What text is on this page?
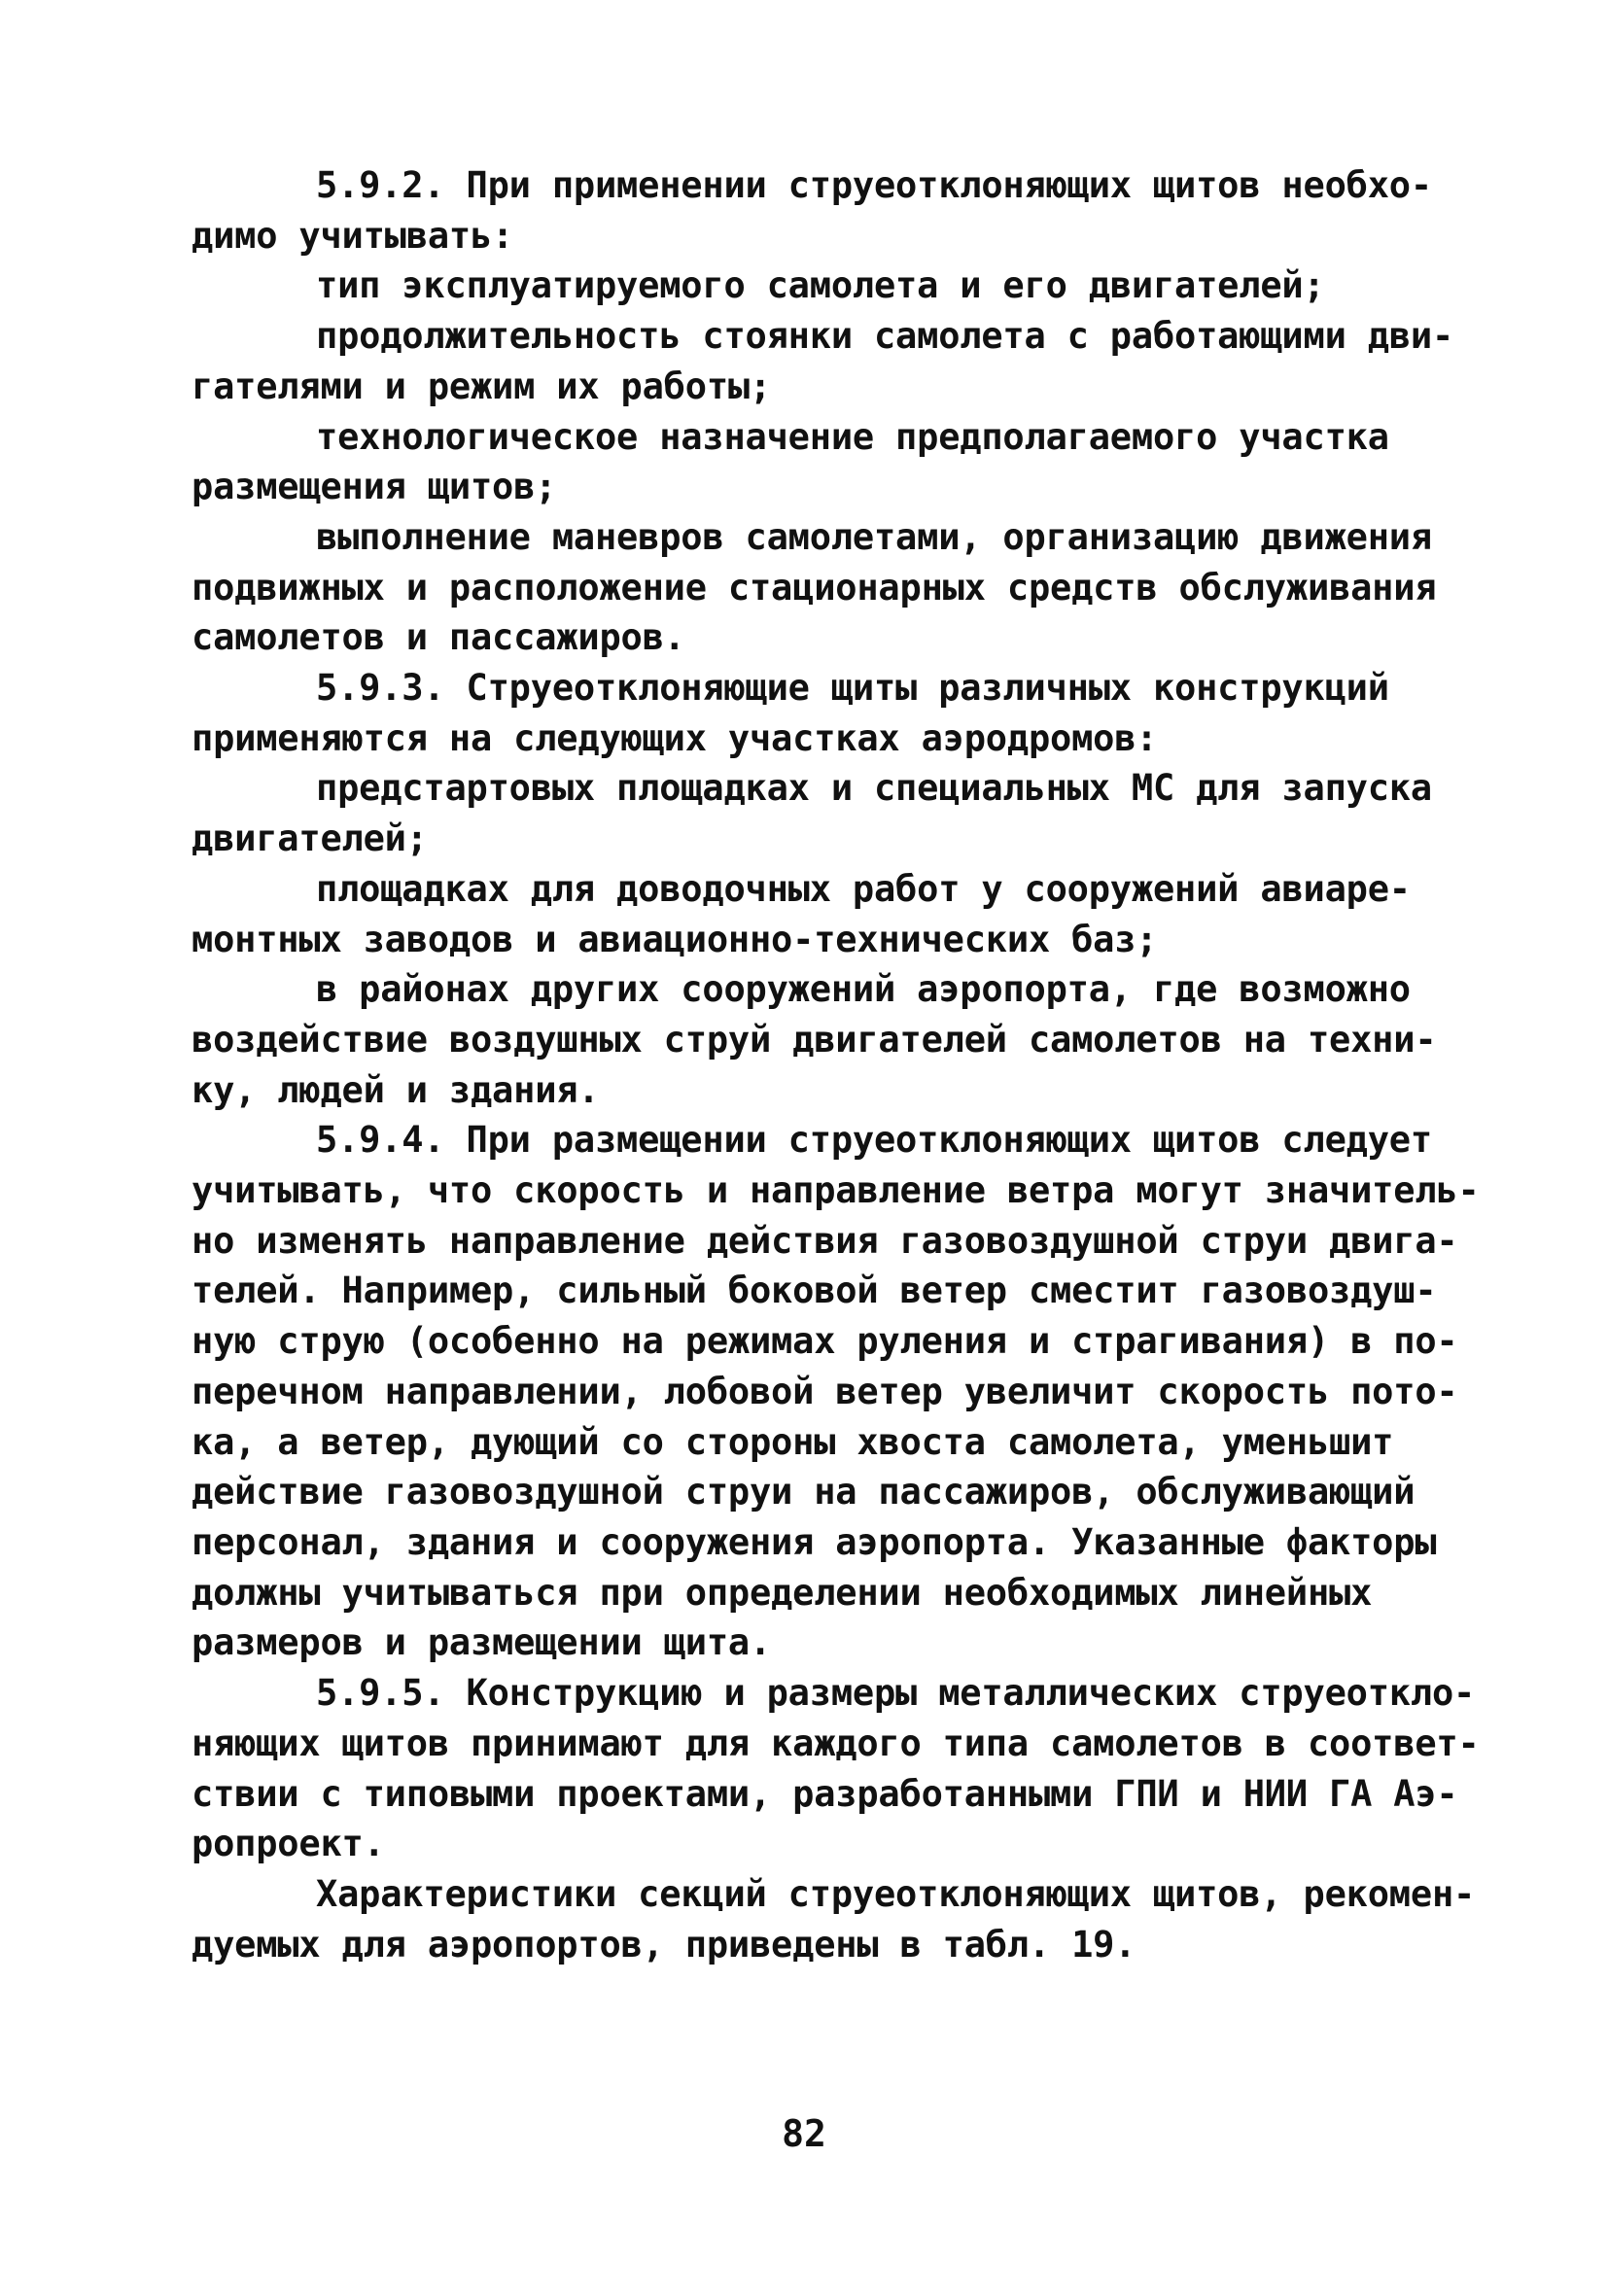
5.9.2. При применении струеотклоняющих щитов необхо-
димо учитывать:
тип эксплуатируемого самолета и его двигателей;
продолжительность стоянки самолета с работающими дви-
гателями и режим их работы;
технологическое назначение предполагаемого участка
размещения щитов;
выполнение маневров самолетами, организацию движения
подвижных и расположение стационарных средств обслуживания
самолетов и пассажиров.
5.9.3. Струеотклоняющие щиты различных конструкций
применяются на следующих участках аэродромов:
предстартовых площадках и специальных МС для запуска
двигателей;
площадках для доводочных работ у сооружений авиаре-
монтных заводов и авиационно-технических баз;
в районах других сооружений аэропорта, где возможно
воздействие воздушных струй двигателей самолетов на техни-
ку, людей и здания.
5.9.4. При размещении струеотклоняющих щитов следует
учитывать, что скорость и направление ветра могут значитель-
но изменять направление действия газовоздушной струи двига-
телей. Например, сильный боковой ветер сместит газовоздуш-
ную струю (особенно на режимах руления и страгивания) в по-
перечном направлении, лобовой ветер увеличит скорость пото-
ка, а ветер, дующий со стороны хвоста самолета, уменьшит
действие газовоздушной струи на пассажиров, обслуживающий
персонал, здания и сооружения аэропорта. Указанные факторы
должны учитываться при определении необходимых линейных
размеров и размещении щита.
5.9.5. Конструкцию и размеры металлических струеоткло-
няющих щитов принимают для каждого типа самолетов в соответ-
ствии с типовыми проектами, разработанными ГПИ и НИИ ГА Аэ-
ропроект.
Характеристики секций струеотклоняющих щитов, рекомен-
дуемых для аэропортов, приведены в табл. 19.
82
